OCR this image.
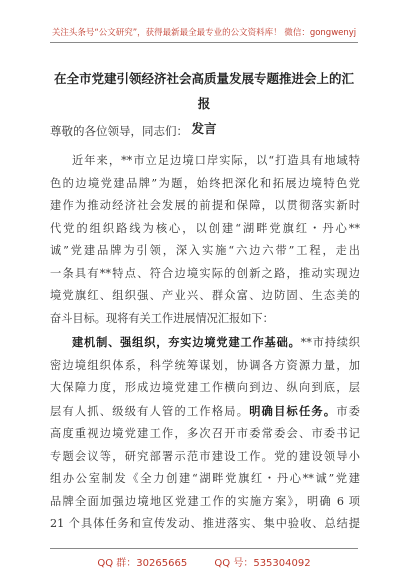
关注头条号“公文研究”，获得最新最全最专业的公文资料库！ 微信：gongwenyj
在全市党建引领经济社会高质量发展专题推进会上的汇报
发言
尊敬的各位领导，同志们：
近年来，**市立足边境口岸实际，以“打造具有地域特
色的边境党建品牌”为题，始终把深化和拓展边境特色党
建作为推动经济社会发展的前提和保障，以贯彻落实新时
代党的组织路线为核心，以创建“湖畔党旗红・丹心**
诚”党建品牌为引领，深入实施“六边六带”工程，走出
一条具有**特点、符合边境实际的创新之路，推动实现边
境党旗红、组织强、产业兴、群众富、边防固、生态美的
奋斗目标。现将有关工作进展情况汇报如下：
建机制、强组织，夯实边境党建工作基础。**市持续织
密边境组织体系，科学统筹谋划，协调各方资源力量，加
大保障力度，形成边境党建工作横向到边、纵向到底，层
层有人抓、级级有人管的工作格局。明确目标任务。市委
高度重视边境党建工作，多次召开市委常委会、市委书记
专题会议等，研究部署示范市建设工作。党的建设领导小
组办公室制发《全力创建“湖畔党旗红・丹心**诚”党建
品牌全面加强边境地区党建工作的实施方案》，明确 6 项
21 个具体任务和宣传发动、推进落实、集中验收、总结提
QQ 群：30265665	QQ 号：535304092
